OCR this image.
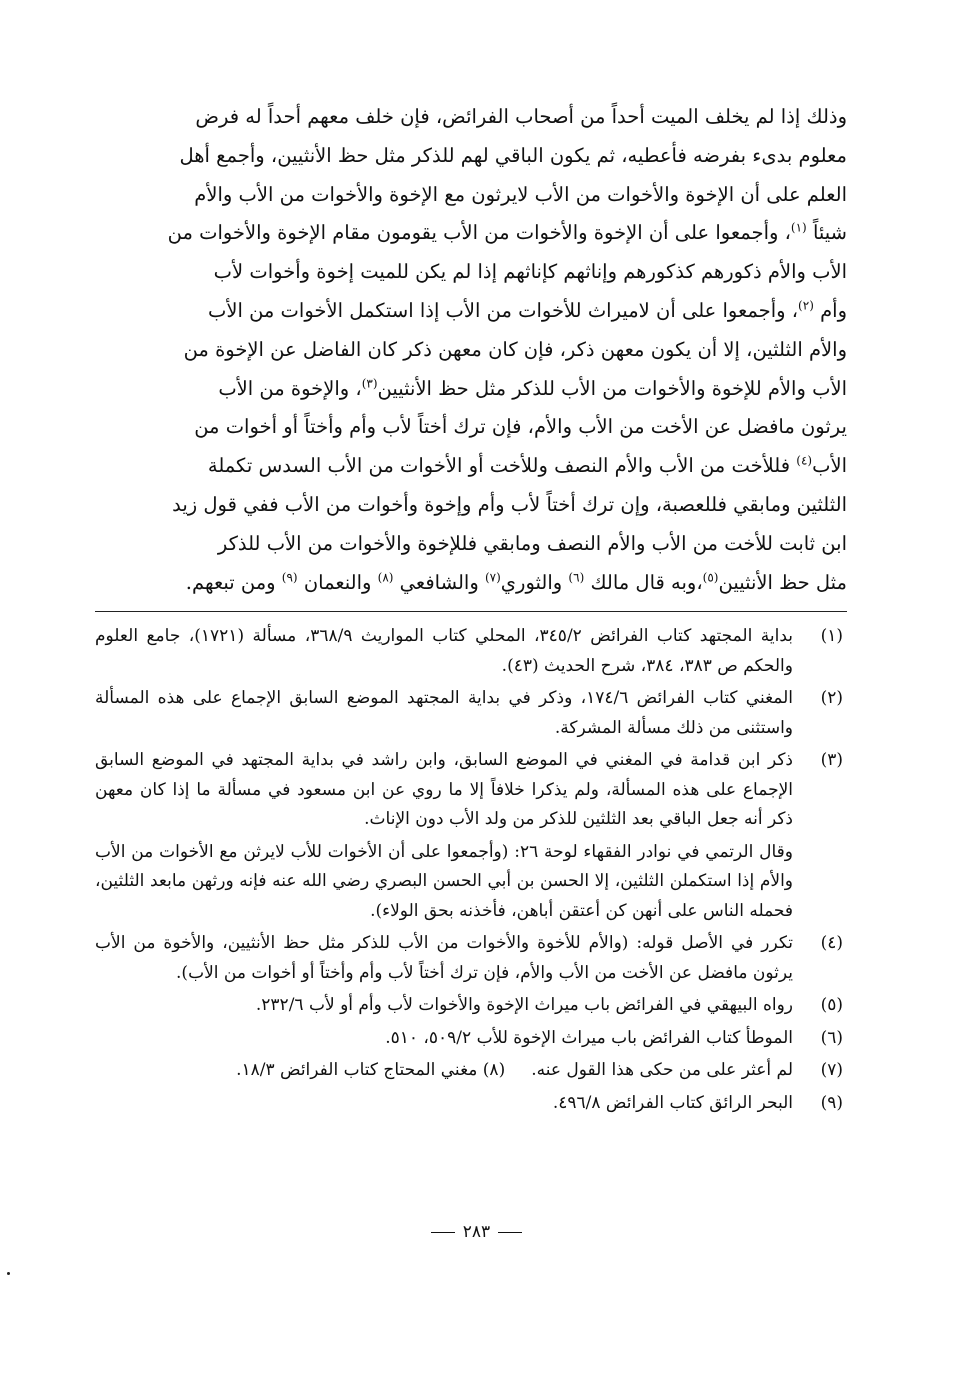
وذلك إذا لم يخلف الميت أحداً من أصحاب الفرائض، فإن خلف معهم أحداً له فرض
معلوم بدىء بفرضه فأعطيه، ثم يكون الباقي لهم للذكر مثل حظ الأنثيين، وأجمع أهل
العلم على أن الإخوة والأخوات من الأب لايرثون مع الإخوة والأخوات من الأب والأم
شيئاً $^{(١)}$، وأجمعوا على أن الإخوة والأخوات من الأب يقومون مقام الإخوة والأخوات من
الأب والأم ذكورهم كذكورهم وإناثهم كإناثهم إذا لم يكن للميت إخوة وأخوات لأب
وأم $^{(٢)}$، وأجمعوا على أن لاميراث للأخوات من الأب إذا استكمل الأخوات من الأب
والأم الثلثين، إلا أن يكون معهن ذكر، فإن كان معهن ذكر كان الفاضل عن الإخوة من
الأب والأم للإخوة والأخوات من الأب للذكر مثل حظ الأنثيين$^{(٣)}$، والإخوة من الأب
يرثون مافضل عن الأخت من الأب والأم، فإن ترك أختاً لأب وأم وأختاً أو أخوات من
الأب$^{(٤)}$ فللأخت من الأب والأم النصف وللأخت أو الأخوات من الأب السدس تكملة
الثلثين ومابقي فللعصبة، وإن ترك أختاً لأب وأم وإخوة وأخوات من الأب ففي قول زيد
ابن ثابت للأخت من الأب والأم النصف ومابقي فللإخوة والأخوات من الأب للذكر
مثل حظ الأنثيين$^{(٥)}$،وبه قال مالك $^{(٦)}$ والثوري$^{(٧)}$ والشافعي $^{(٨)}$ والنعمان $^{(٩)}$ ومن تبعهم.
(١)
بداية المجتهد كتاب الفرائض ٣٤٥/٢، المحلي كتاب المواريث ٣٦٨/٩، مسألة (١٧٢١)، جامع العلوم والحكم ص ٣٨٣، ٣٨٤، شرح الحديث (٤٣).
(٢)
المغني كتاب الفرائض ١٧٤/٦، وذكر في بداية المجتهد الموضع السابق الإجماع على هذه المسألة واستثنى من ذلك مسألة المشركة.
(٣)
ذكر ابن قدامة في المغني في الموضع السابق، وابن راشد في بداية المجتهد في الموضع السابق الإجماع على هذه المسألة، ولم يذكرا خلافاً إلا ما روي عن ابن مسعود في مسألة ما إذا كان معهن ذكر أنه جعل الباقي بعد الثلثين للذكر من ولد الأب دون الإناث.
وقال الرتمي في نوادر الفقهاء لوحة ٢٦: (وأجمعوا على أن الأخوات للأب لايرثن مع الأخوات من الأب والأم إذا استكملن الثلثين، إلا الحسن بن أبي الحسن البصري رضي الله عنه فإنه ورثهن مابعد الثلثين، فحمله الناس على أنهن كن أعتقن أباهن، فأخذنه بحق الولاء).
(٤)
تكرر في الأصل قوله: (والأم للأخوة والأخوات من الأب للذكر مثل حظ الأنثيين، والأخوة من الأب يرثون مافضل عن الأخت من الأب والأم، فإن ترك أختاً لأب وأم وأختاً أو أخوات من الأب).
(٥)
رواه البيهقي في الفرائض باب ميراث الإخوة والأخوات لأب وأم أو لأب ٢٣٢/٦.
(٦)
الموطأ كتاب الفرائض باب ميراث الإخوة للأب ٥٠٩/٢، ٥١٠.
(٧)
لم أعثر على من حكى هذا القول عنه.(٨) مغني المحتاج كتاب الفرائض ١٨/٣.
(٩)
البحر الرائق كتاب الفرائض ٤٩٦/٨.
٢٨٣
